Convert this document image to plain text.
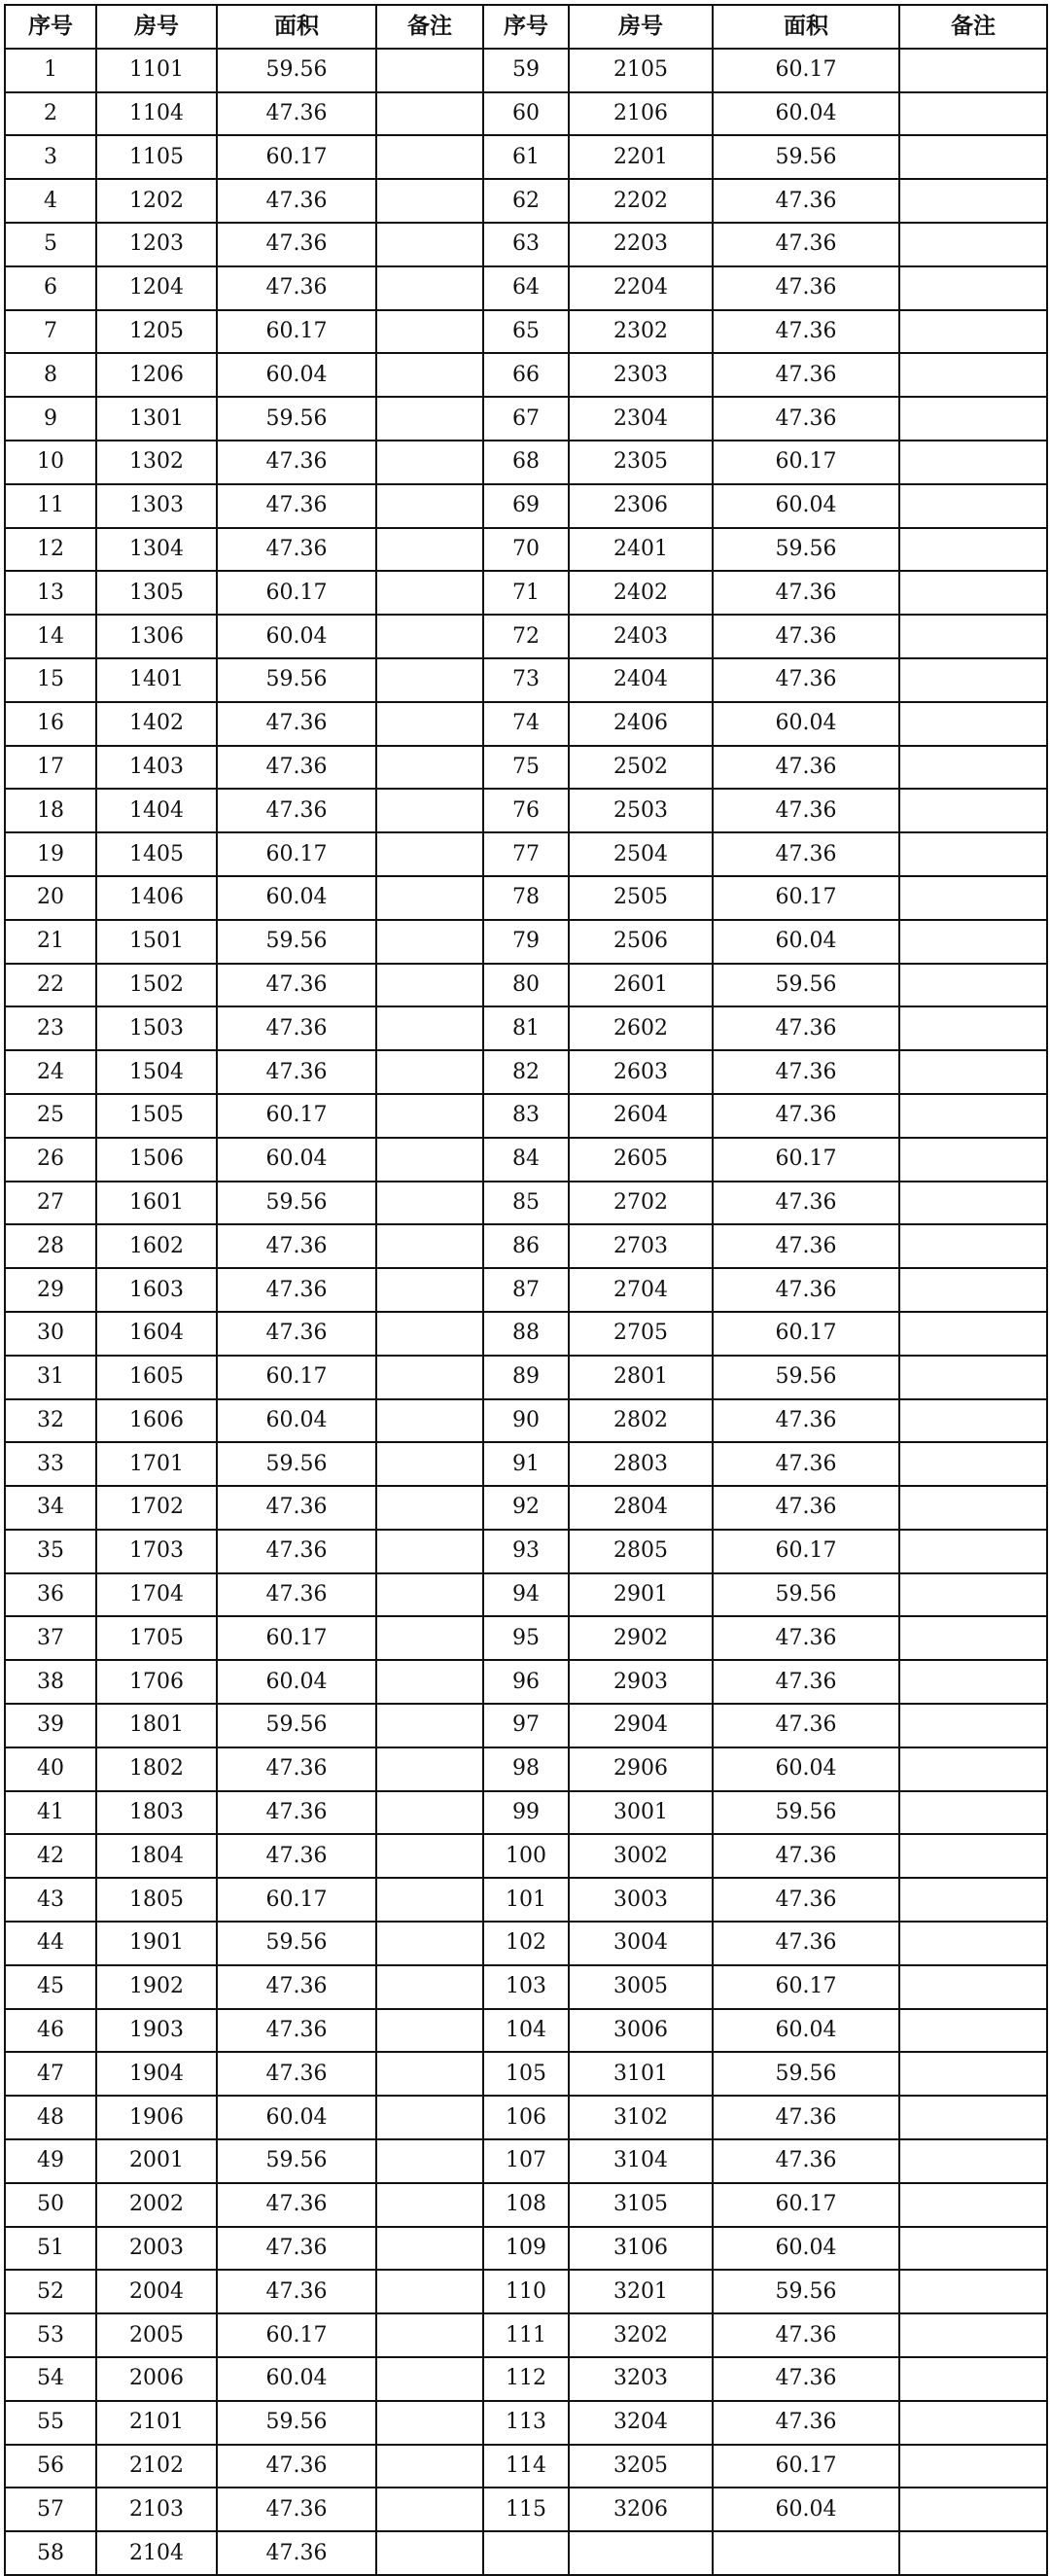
序号	房号	面积	备注	序号	房号	面积	备注
1	1101	59.56		59	2105	60.17	
2	1104	47.36		60	2106	60.04	
3	1105	60.17		61	2201	59.56	
4	1202	47.36		62	2202	47.36	
5	1203	47.36		63	2203	47.36	
6	1204	47.36		64	2204	47.36	
7	1205	60.17		65	2302	47.36	
8	1206	60.04		66	2303	47.36	
9	1301	59.56		67	2304	47.36	
10	1302	47.36		68	2305	60.17	
11	1303	47.36		69	2306	60.04	
12	1304	47.36		70	2401	59.56	
13	1305	60.17		71	2402	47.36	
14	1306	60.04		72	2403	47.36	
15	1401	59.56		73	2404	47.36	
16	1402	47.36		74	2406	60.04	
17	1403	47.36		75	2502	47.36	
18	1404	47.36		76	2503	47.36	
19	1405	60.17		77	2504	47.36	
20	1406	60.04		78	2505	60.17	
21	1501	59.56		79	2506	60.04	
22	1502	47.36		80	2601	59.56	
23	1503	47.36		81	2602	47.36	
24	1504	47.36		82	2603	47.36	
25	1505	60.17		83	2604	47.36	
26	1506	60.04		84	2605	60.17	
27	1601	59.56		85	2702	47.36	
28	1602	47.36		86	2703	47.36	
29	1603	47.36		87	2704	47.36	
30	1604	47.36		88	2705	60.17	
31	1605	60.17		89	2801	59.56	
32	1606	60.04		90	2802	47.36	
33	1701	59.56		91	2803	47.36	
34	1702	47.36		92	2804	47.36	
35	1703	47.36		93	2805	60.17	
36	1704	47.36		94	2901	59.56	
37	1705	60.17		95	2902	47.36	
38	1706	60.04		96	2903	47.36	
39	1801	59.56		97	2904	47.36	
40	1802	47.36		98	2906	60.04	
41	1803	47.36		99	3001	59.56	
42	1804	47.36		100	3002	47.36	
43	1805	60.17		101	3003	47.36	
44	1901	59.56		102	3004	47.36	
45	1902	47.36		103	3005	60.17	
46	1903	47.36		104	3006	60.04	
47	1904	47.36		105	3101	59.56	
48	1906	60.04		106	3102	47.36	
49	2001	59.56		107	3104	47.36	
50	2002	47.36		108	3105	60.17	
51	2003	47.36		109	3106	60.04	
52	2004	47.36		110	3201	59.56	
53	2005	60.17		111	3202	47.36	
54	2006	60.04		112	3203	47.36	
55	2101	59.56		113	3204	47.36	
56	2102	47.36		114	3205	60.17	
57	2103	47.36		115	3206	60.04	
58	2104	47.36					
